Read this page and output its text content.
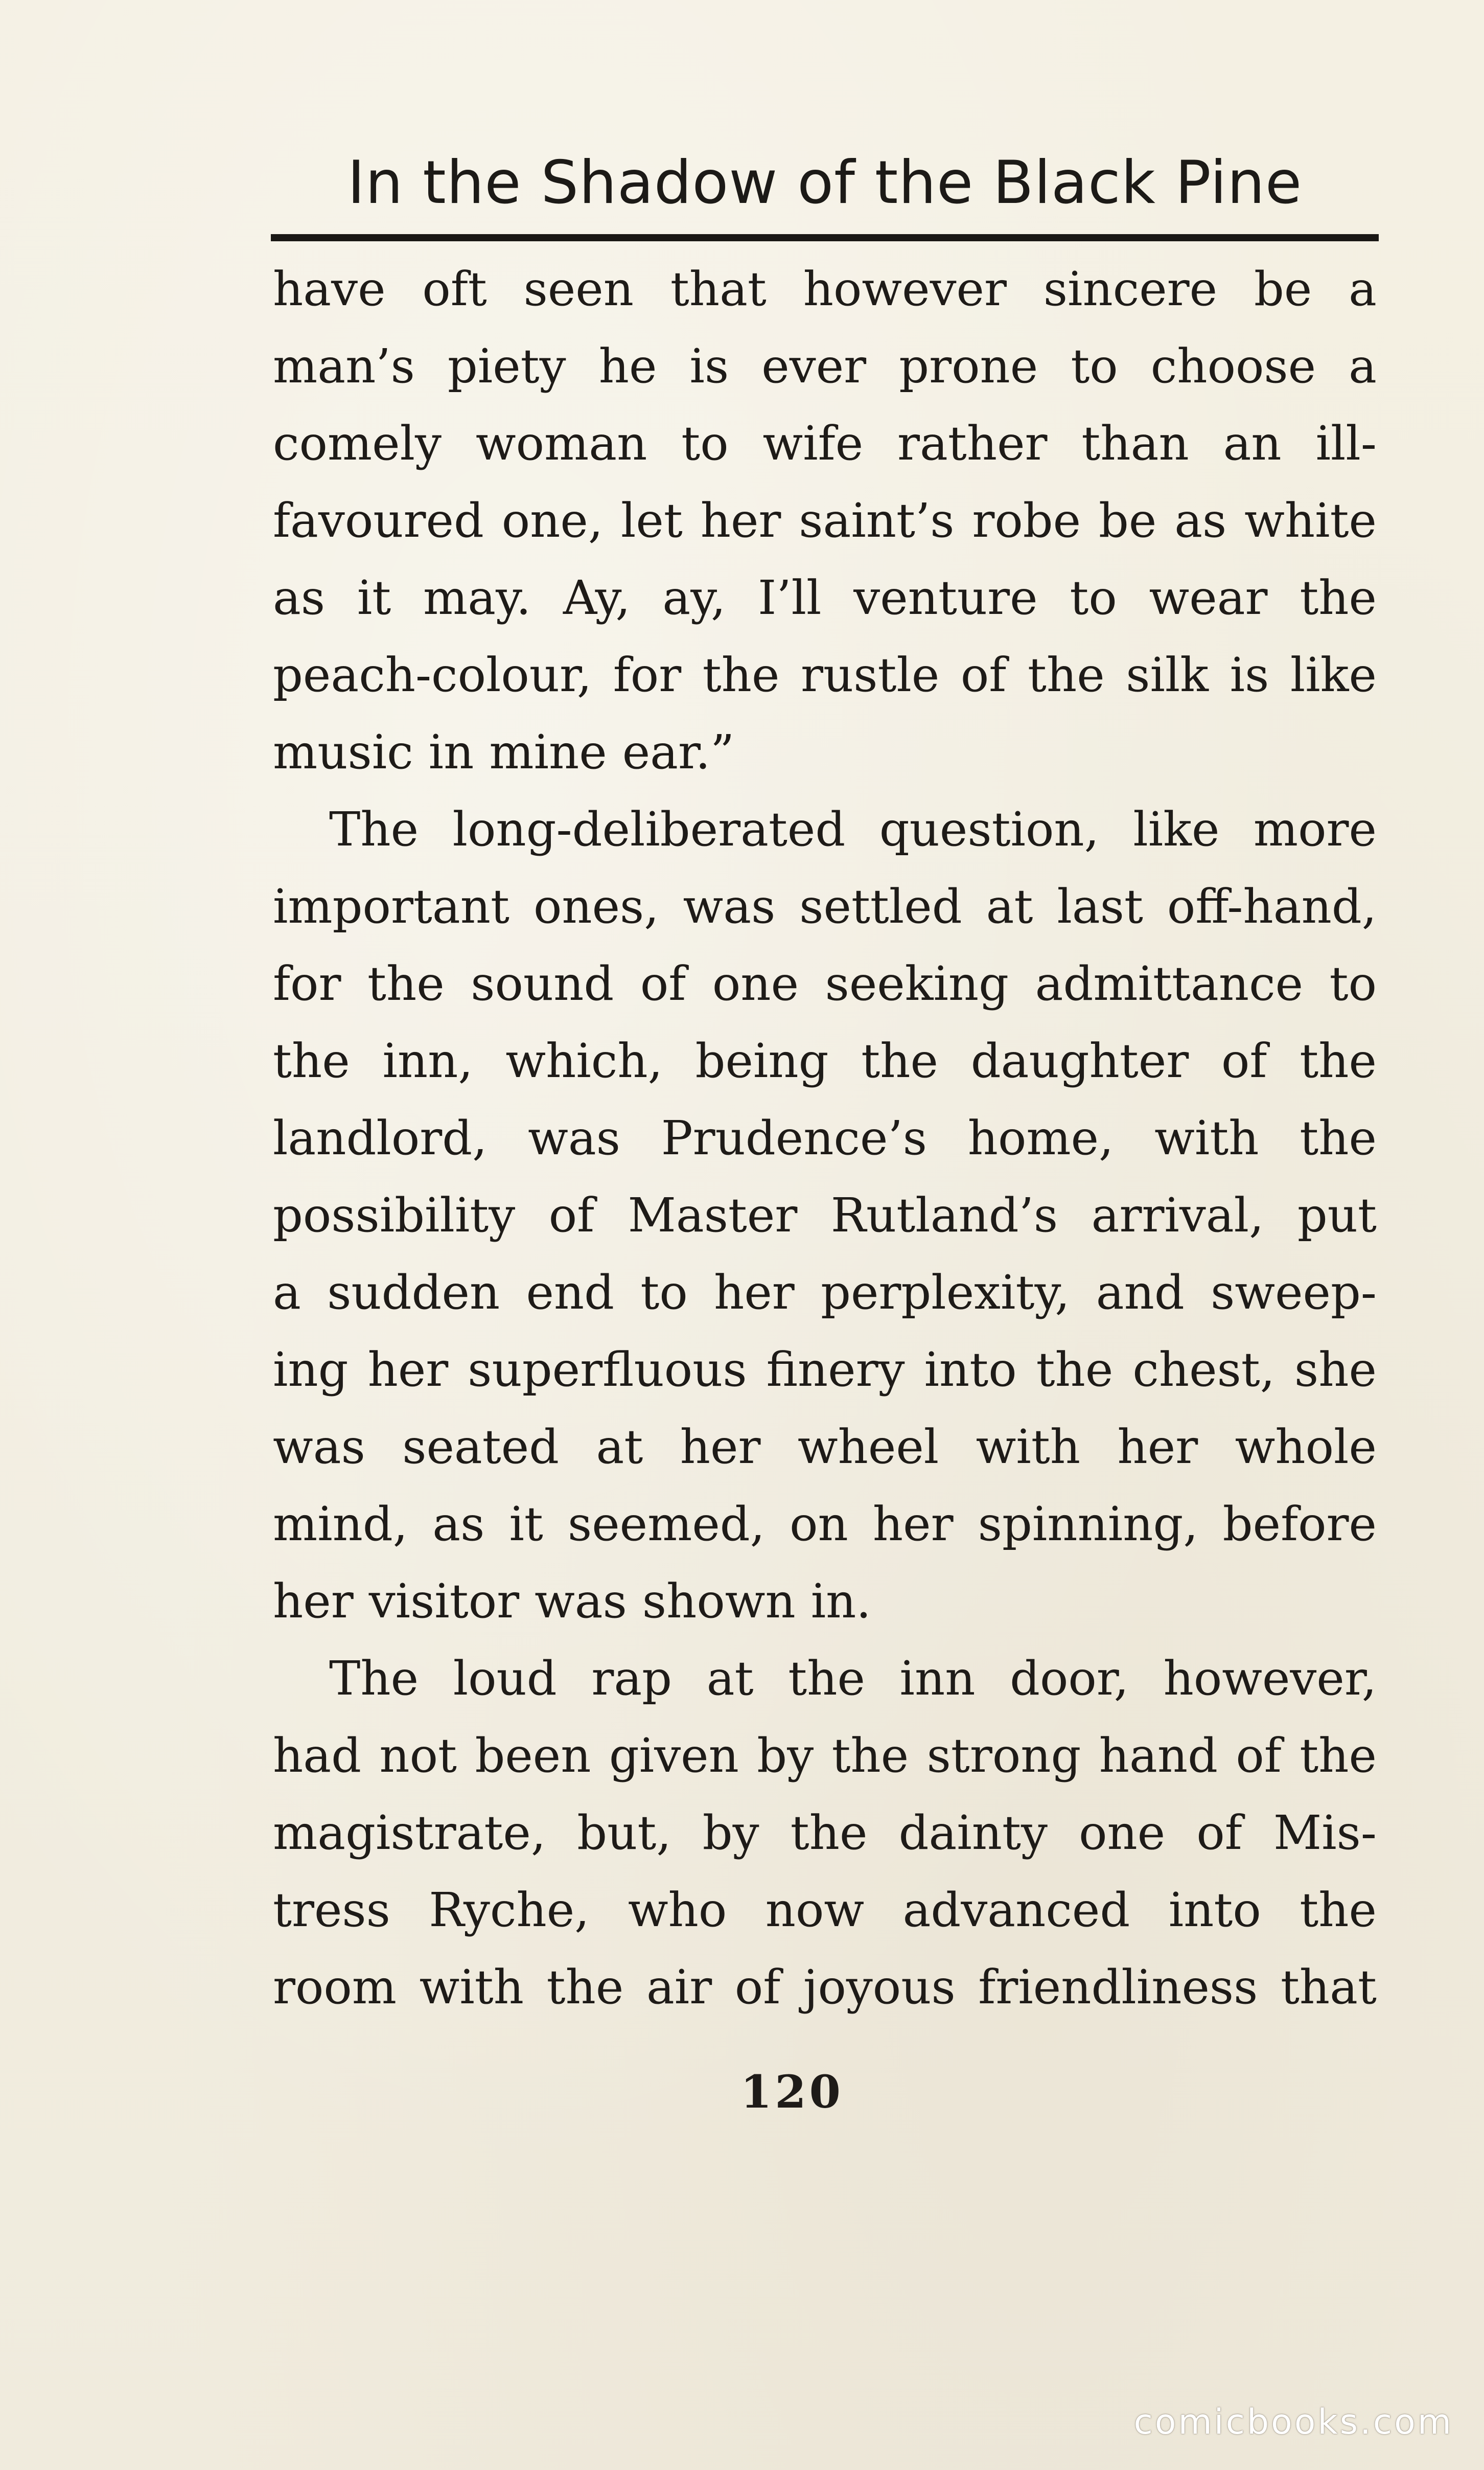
In the Shadow of the Black Pine
have oft seen that however sincere be a
man’s piety he is ever prone to choose a
comely woman to wife rather than an ill-
favoured one, let her saint’s robe be as white
as it may. Ay, ay, I’ll venture to wear the
peach-colour, for the rustle of the silk is like
music in mine ear.”
The long-deliberated question, like more
important ones, was settled at last off-hand,
for the sound of one seeking admittance to
the inn, which, being the daughter of the
landlord, was Prudence’s home, with the
possibility of Master Rutland’s arrival, put
a sudden end to her perplexity, and sweep-
ing her superfluous finery into the chest, she
was seated at her wheel with her whole
mind, as it seemed, on her spinning, before
her visitor was shown in.
The loud rap at the inn door, however,
had not been given by the strong hand of the
magistrate, but, by the dainty one of Mis-
tress Ryche, who now advanced into the
room with the air of joyous friendliness that

120

comicbooks.com
